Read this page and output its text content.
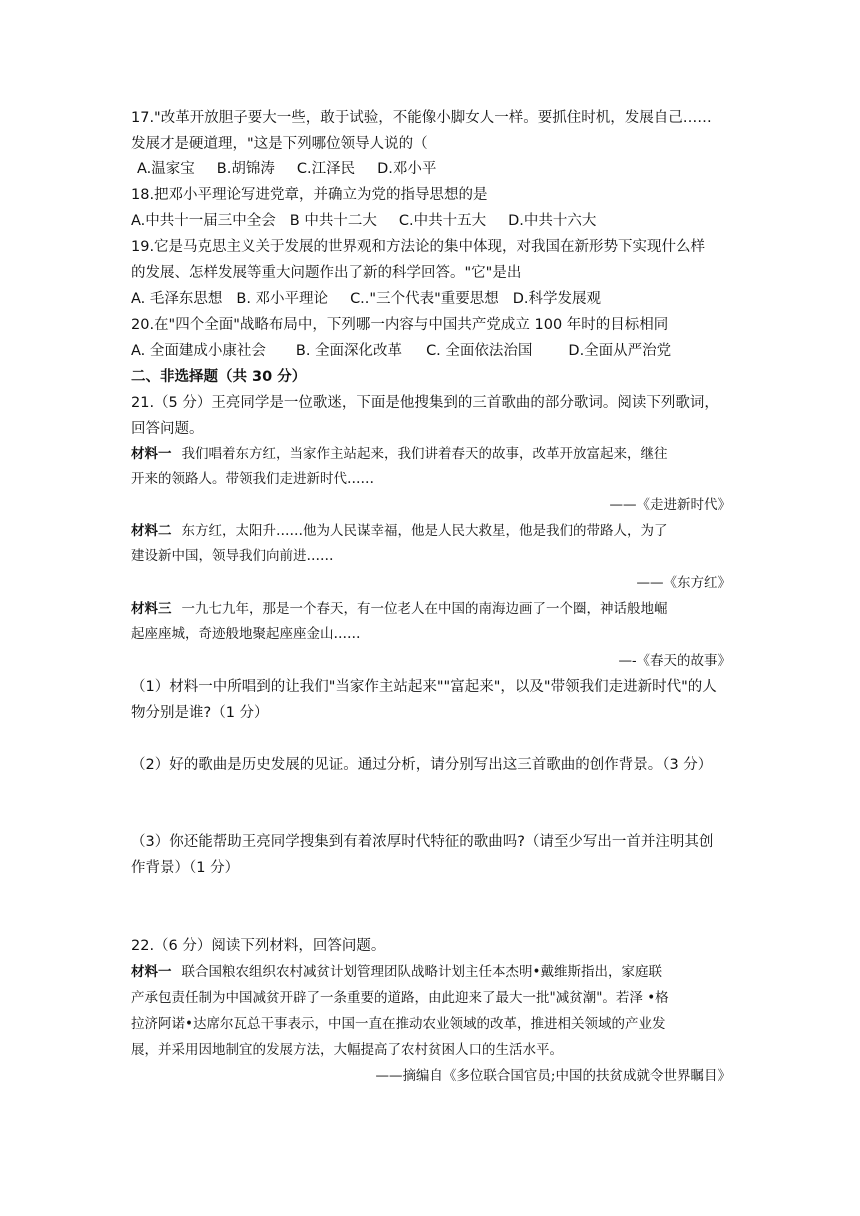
17."改革开放胆子要大一些，敢于试验，不能像小脚女人一样。要抓住时机，发展自己……
发展才是硬道理，"这是下列哪位领导人说的（
A.温家宝 B.胡锦涛 C.江泽民 D.邓小平
18.把邓小平理论写进党章，并确立为党的指导思想的是
A.中共十一届三中全会 B 中共十二大 C.中共十五大 D.中共十六大
19.它是马克思主义关于发展的世界观和方法论的集中体现，对我国在新形势下实现什么样
的发展、怎样发展等重大问题作出了新的科学回答。"它"是出
A. 毛泽东思想 B. 邓小平理论 C.."三个代表"重要思想 D.科学发展观
20.在"四个全面"战略布局中，下列哪一内容与中国共产党成立 100 年时的目标相同
A. 全面建成小康社会 B. 全面深化改革 C. 全面依法治国 D.全面从严治党
二、非选择题（共 30 分）
21.（5 分）王亮同学是一位歌迷，下面是他搜集到的三首歌曲的部分歌词。阅读下列歌词，
回答问题。
材料一 我们唱着东方红，当家作主站起来，我们讲着春天的故事，改革开放富起来，继往
开来的领路人。带领我们走进新时代……
——《走进新时代》
材料二 东方红，太阳升……他为人民谋幸福，他是人民大救星，他是我们的带路人，为了
建设新中国，领导我们向前进……
——《东方红》
材料三 一九七九年，那是一个春天，有一位老人在中国的南海边画了一个圈，神话般地崛
起座座城，奇迹般地聚起座座金山……
—-《春天的故事》
（1）材料一中所唱到的让我们"当家作主站起来""富起来"，以及"带领我们走进新时代"的人
物分别是谁?（1 分）
（2）好的歌曲是历史发展的见证。通过分析，请分别写出这三首歌曲的创作背景。（3 分）
（3）你还能帮助王亮同学搜集到有着浓厚时代特征的歌曲吗?（请至少写出一首并注明其创
作背景）（1 分）
22.（6 分）阅读下列材料，回答问题。
材料一 联合国粮农组织农村减贫计划管理团队战略计划主任本杰明•戴维斯指出，家庭联
产承包责任制为中国减贫开辟了一条重要的道路，由此迎来了最大一批"减贫潮"。若泽 •格
拉济阿诺•达席尔瓦总干事表示，中国一直在推动农业领域的改革，推进相关领域的产业发
展，并采用因地制宜的发展方法，大幅提高了农村贫困人口的生活水平。
——摘编自《多位联合国官员;中国的扶贫成就令世界瞩目》
